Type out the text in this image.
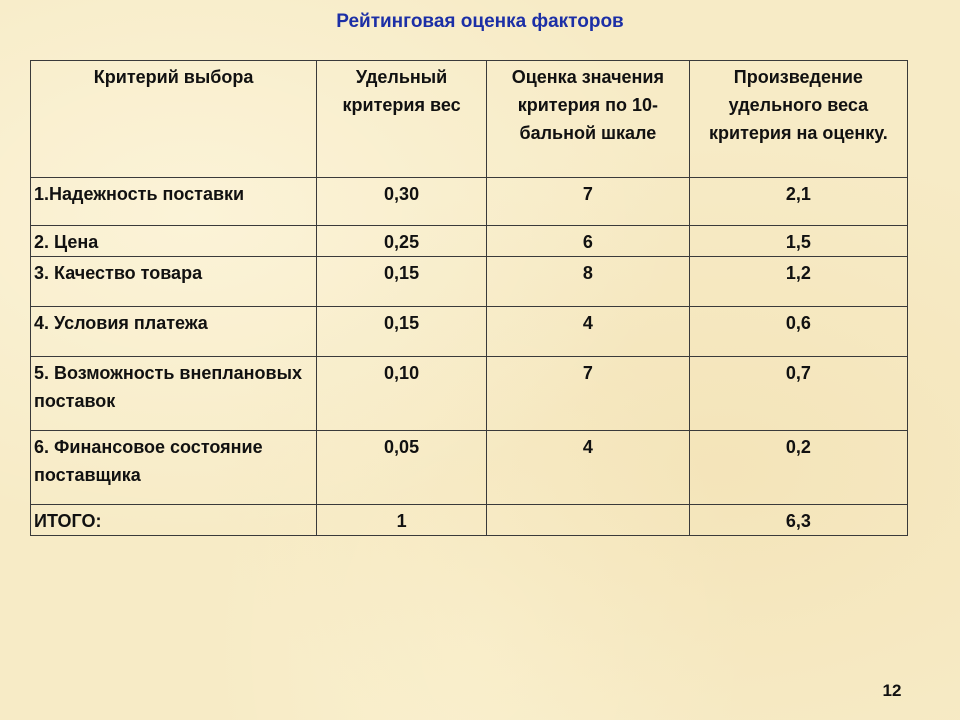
Рейтинговая оценка факторов
Критерий выбора	Удельный критерия вес	Оценка значения критерия по 10-бальной шкале	Произведение удельного веса критерия на оценку.
1.Надежность поставки	0,30	7	2,1
2. Цена	0,25	6	1,5
3. Качество товара	0,15	8	1,2
4. Условия платежа	0,15	4	0,6
5. Возможность внеплановых поставок	0,10	7	0,7
6. Финансовое состояние поставщика	0,05	4	0,2
ИТОГО:	1		6,3
12
